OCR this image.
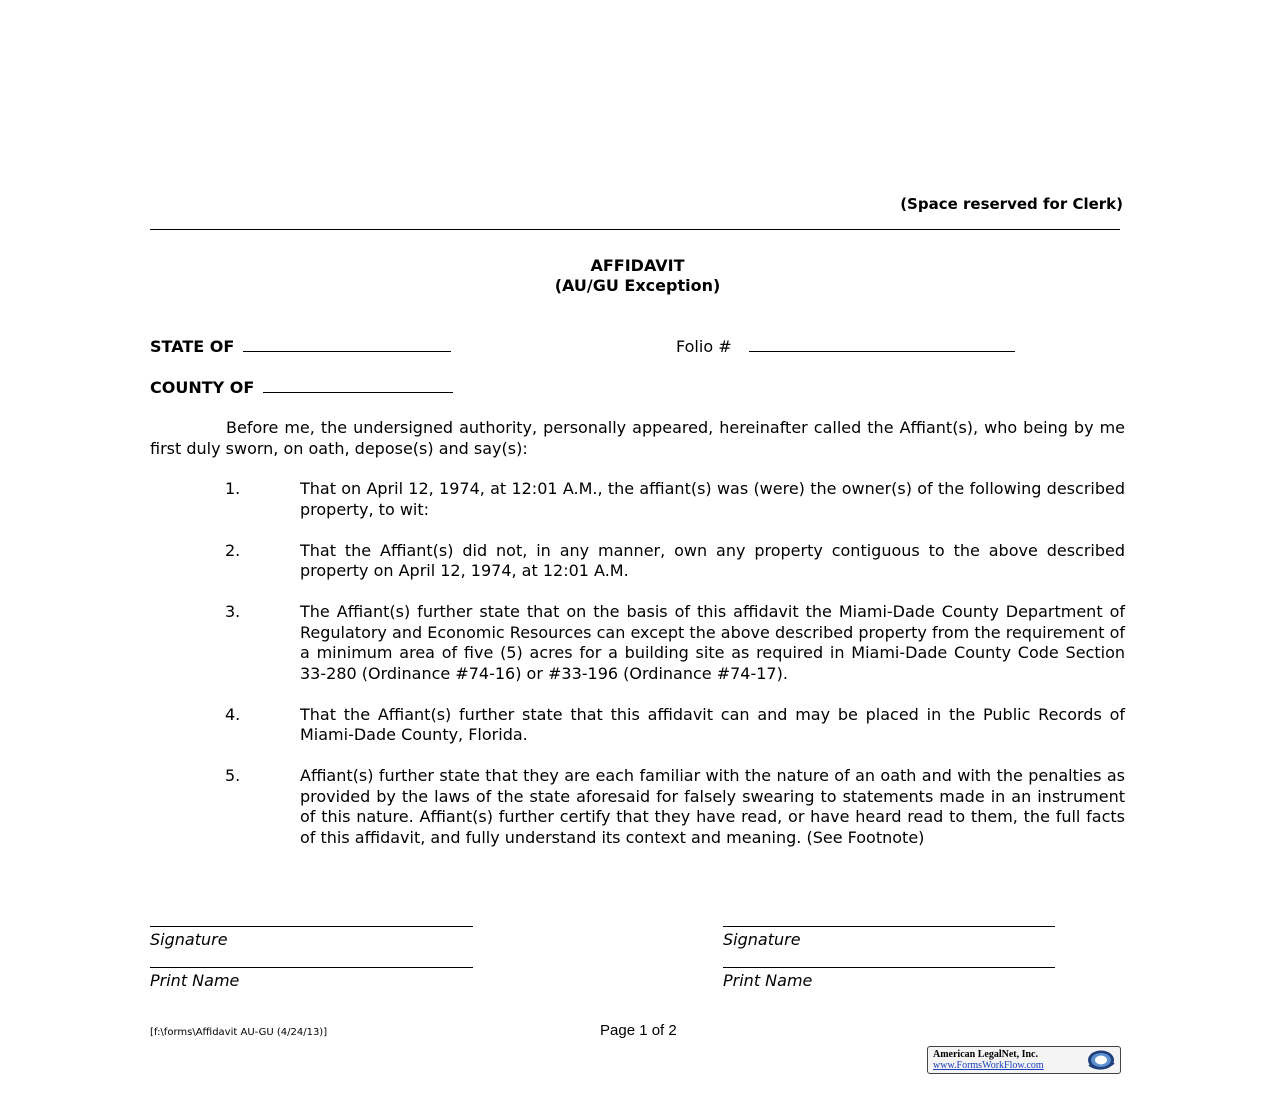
(Space reserved for Clerk)
AFFIDAVIT
(AU/GU Exception)
STATE OF	Folio #
COUNTY OF
Before me, the undersigned authority, personally appeared, hereinafter called the Affiant(s), who being by me first duly sworn, on oath, depose(s) and say(s):
1.	That on April 12, 1974, at 12:01 A.M., the affiant(s) was (were) the owner(s) of the following described property, to wit:
2.	That the Affiant(s) did not, in any manner, own any property contiguous to the above described property on April 12, 1974, at 12:01 A.M.
3.	The Affiant(s) further state that on the basis of this affidavit the Miami-Dade County Department of Regulatory and Economic Resources can except the above described property from the requirement of a minimum area of five (5) acres for a building site as required in Miami-Dade County Code Section 33-280 (Ordinance #74-16) or #33-196 (Ordinance #74-17).
4.	That the Affiant(s) further state that this affidavit can and may be placed in the Public Records of Miami-Dade County, Florida.
5.	Affiant(s) further state that they are each familiar with the nature of an oath and with the penalties as provided by the laws of the state aforesaid for falsely swearing to statements made in an instrument of this nature. Affiant(s) further certify that they have read, or have heard read to them, the full facts of this affidavit, and fully understand its context and meaning. (See Footnote)
Signature
Print Name
Signature
Print Name
[f:\forms\Affidavit AU-GU (4/24/13)]	Page 1 of 2
American LegalNet, Inc.
www.FormsWorkFlow.com
